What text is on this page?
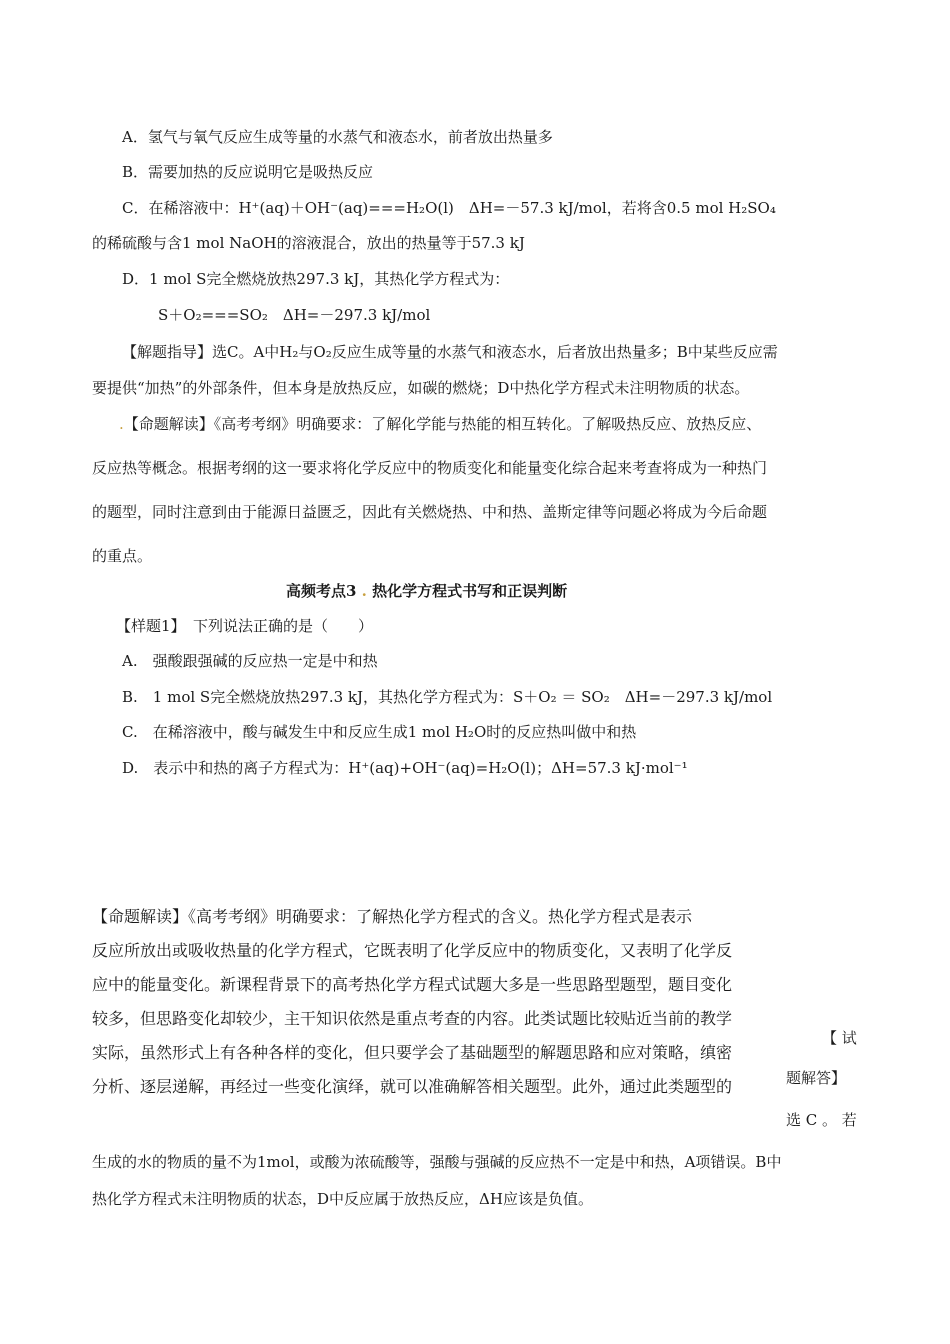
A．氢气与氧气反应生成等量的水蒸气和液态水，前者放出热量多
B．需要加热的反应说明它是吸热反应
C．在稀溶液中：H⁺(aq)＋OH⁻(aq)===H₂O(l)　ΔH=－57.3 kJ/mol，若将含0.5 mol H₂SO₄
的稀硫酸与含1 mol NaOH的溶液混合，放出的热量等于57.3 kJ
D．1 mol S完全燃烧放热297.3 kJ，其热化学方程式为：
S＋O₂===SO₂　ΔH=－297.3 kJ/mol
【解题指导】选C。A中H₂与O₂反应生成等量的水蒸气和液态水，后者放出热量多；B中某些反应需
要提供“加热”的外部条件，但本身是放热反应，如碳的燃烧；D中热化学方程式未注明物质的状态。
.【命题解读】《高考考纲》明确要求：了解化学能与热能的相互转化。了解吸热反应、放热反应、
反应热等概念。根据考纲的这一要求将化学反应中的物质变化和能量变化综合起来考查将成为一种热门
的题型，同时注意到由于能源日益匮乏，因此有关燃烧热、中和热、盖斯定律等问题必将成为今后命题
的重点。
高频考点3 . 热化学方程式书写和正误判断
【样题1】　下列说法正确的是（　　）
A.　强酸跟强碱的反应热一定是中和热
B.　1 mol S完全燃烧放热297.3 kJ，其热化学方程式为：S＋O₂ ＝ SO₂　ΔH=－297.3 kJ/mol
C.　在稀溶液中，酸与碱发生中和反应生成1 mol H₂O时的反应热叫做中和热
D.　表示中和热的离子方程式为：H⁺(aq)+OH⁻(aq)=H₂O(l)；ΔH=57.3 kJ·mol⁻¹
【命题解读】《高考考纲》明确要求：了解热化学方程式的含义。热化学方程式是表示
反应所放出或吸收热量的化学方程式，它既表明了化学反应中的物质变化，又表明了化学反
应中的能量变化。新课程背景下的高考热化学方程式试题大多是一些思路型题型，题目变化
较多，但思路变化却较少，主干知识依然是重点考查的内容。此类试题比较贴近当前的教学
实际，虽然形式上有各种各样的变化，但只要学会了基础题型的解题思路和应对策略，缜密
分析、逐层递解，再经过一些变化演绎，就可以准确解答相关题型。此外，通过此类题型的
【 试
题解答】
选 C 。 若
生成的水的物质的量不为1mol，或酸为浓硫酸等，强酸与强碱的反应热不一定是中和热，A项错误。B中
热化学方程式未注明物质的状态，D中反应属于放热反应，ΔH应该是负值。
